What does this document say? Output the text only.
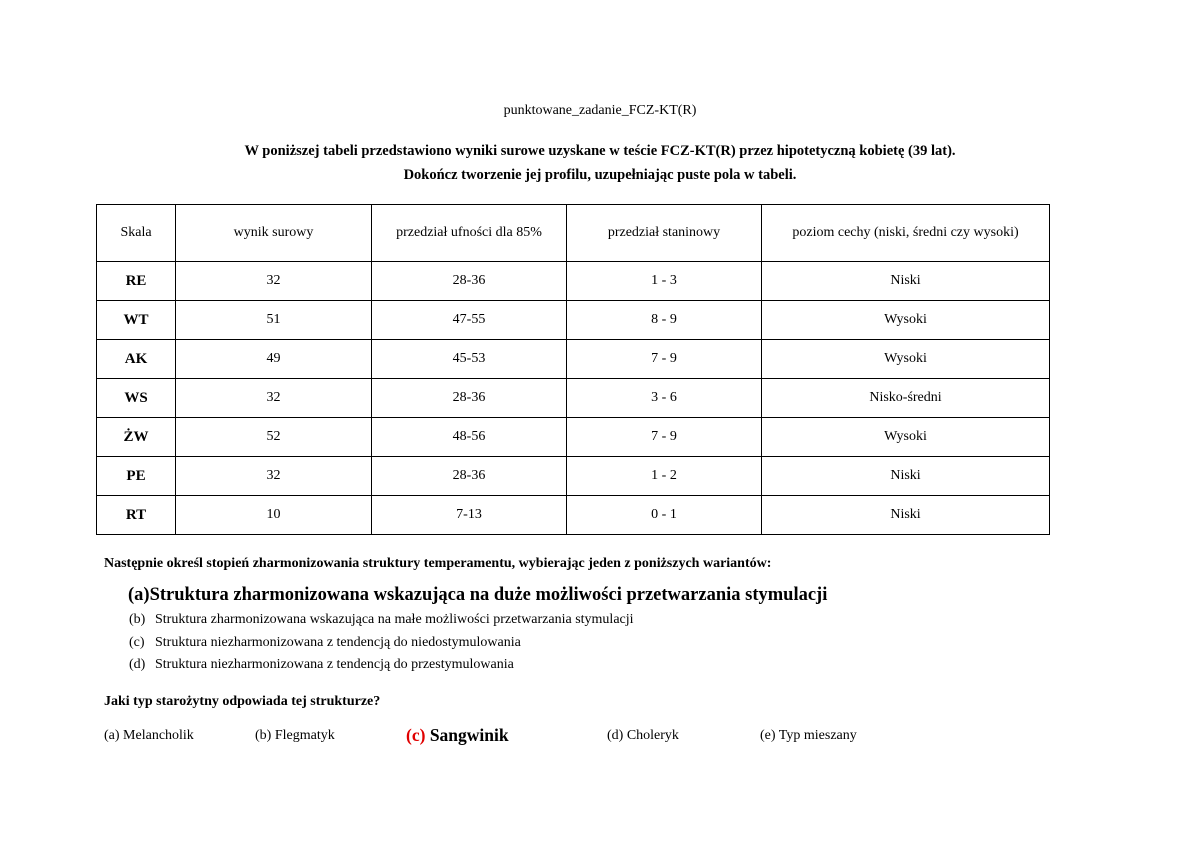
punktowane_zadanie_FCZ-KT(R)
W poniższej tabeli przedstawiono wyniki surowe uzyskane w teście FCZ-KT(R) przez hipotetyczną kobietę (39 lat).
Dokończ tworzenie jej profilu, uzupełniając puste pola w tabeli.
Skala	wynik surowy	przedział ufności dla 85%	przedział staninowy	poziom cechy (niski, średni czy wysoki)
RE	32	28-36	1 - 3	Niski
WT	51	47-55	8 - 9	Wysoki
AK	49	45-53	7 - 9	Wysoki
WS	32	28-36	3 - 6	Nisko-średni
ŻW	52	48-56	7 - 9	Wysoki
PE	32	28-36	1 - 2	Niski
RT	10	7-13	0 - 1	Niski
Następnie określ stopień zharmonizowania struktury temperamentu, wybierając jeden z poniższych wariantów:
(a)Struktura zharmonizowana wskazująca na duże możliwości przetwarzania stymulacji
(b) Struktura zharmonizowana wskazująca na małe możliwości przetwarzania stymulacji
(c) Struktura niezharmonizowana z tendencją do niedostymulowania
(d) Struktura niezharmonizowana z tendencją do przestymulowania
Jaki typ starożytny odpowiada tej strukturze?
(a) Melancholik	(b) Flegmatyk	(c) Sangwinik	(d) Choleryk	(e) Typ mieszany
